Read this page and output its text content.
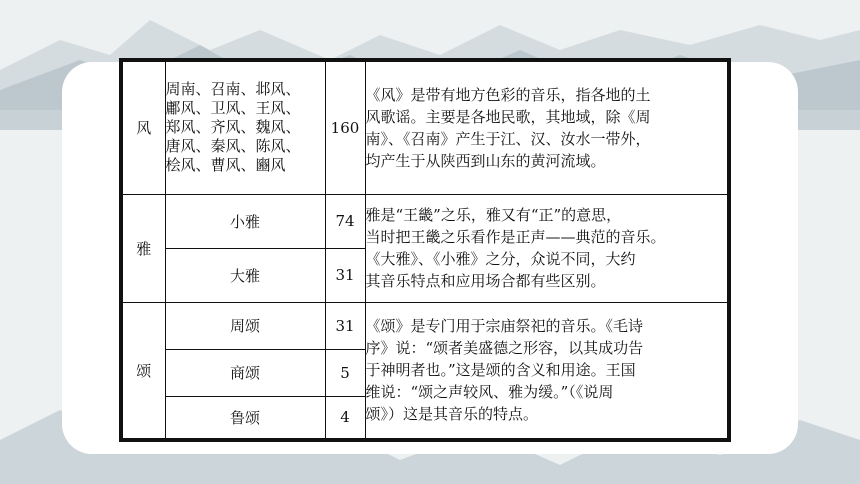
风	周南、召南、邶风、
鄘风、卫风、王风、
郑风、齐风、魏风、
唐风、秦风、陈风、
桧风、曹风、豳风	160	《风》是带有地方色彩的音乐，指各地的土
风歌谣。主要是各地民歌，其地域，除《周
南》、《召南》产生于江、汉、汝水一带外，
均产生于从陕西到山东的黄河流域。

雅	小雅	74	雅是“王畿”之乐，雅又有“正”的意思，
当时把王畿之乐看作是正声——典范的音乐。
《大雅》、《小雅》之分，众说不同，大约
其音乐特点和应用场合都有些区别。

	大雅	31	
颂	周颂	31	《颂》是专门用于宗庙祭祀的音乐。《毛诗
序》说：“颂者美盛德之形容，以其成功告
于神明者也。”这是颂的含义和用途。王国
维说：“颂之声较风、雅为缓。”（《说周
颂》）这是其音乐的特点。

	商颂	5	
	鲁颂	4	
